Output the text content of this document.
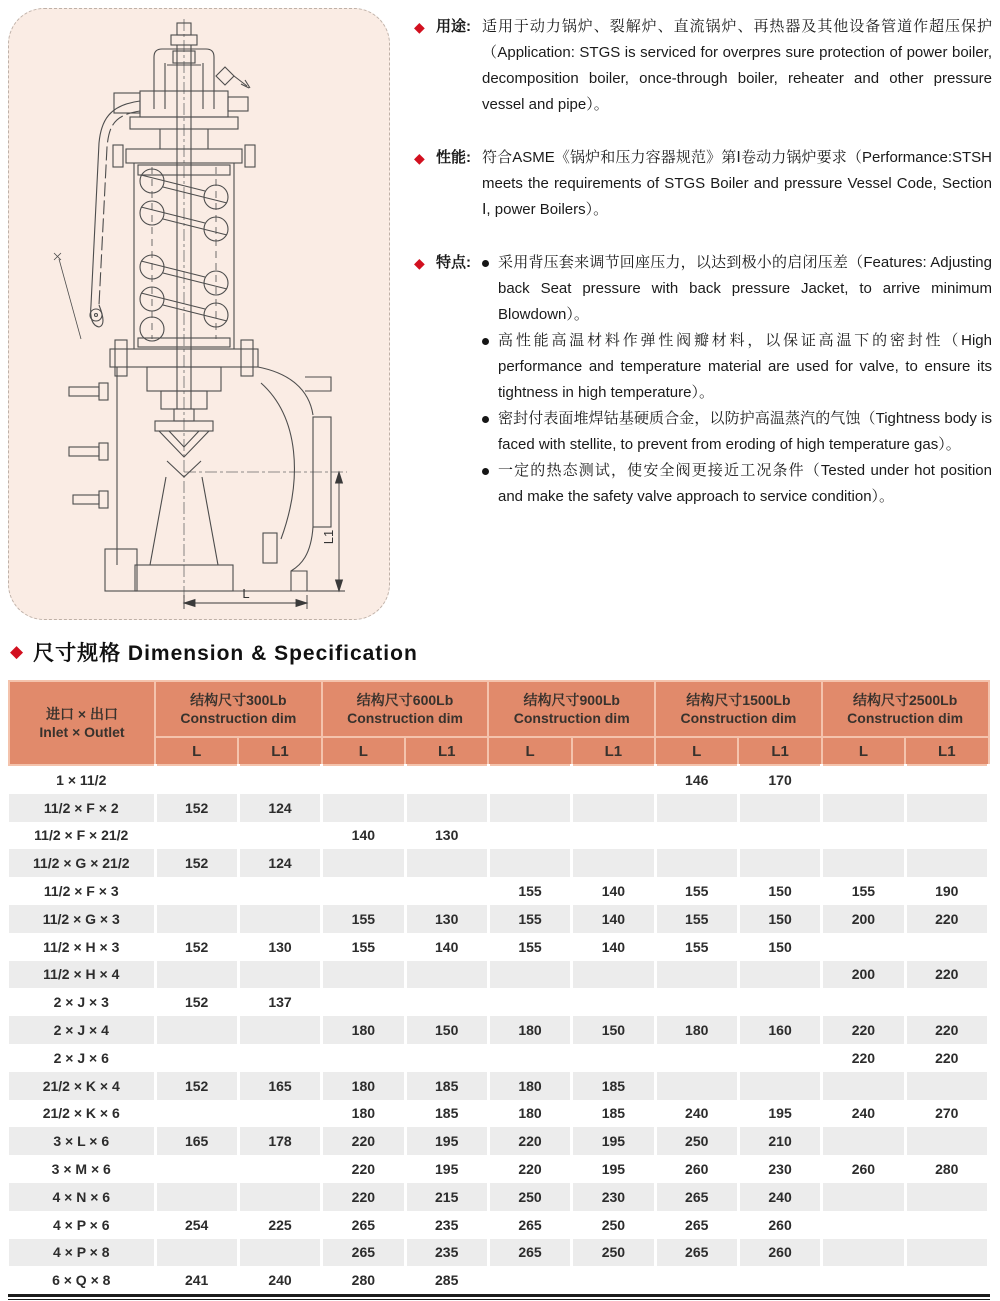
L
L1
◆ 用途: 适用于动力锅炉、裂解炉、直流锅炉、再热器及其他设备管道作超压保护（Application: STGS is serviced for overpres sure protection of power boiler, decomposition boiler, once-through boiler, reheater and other pressure vessel and pipe）。
◆ 性能: 符合ASME《锅炉和压力容器规范》第Ⅰ卷动力锅炉要求（Performance:STSH meets the requirements of STGS Boiler and pressure Vessel Code, Section Ⅰ, power Boilers）。
◆ 特点:	采用背压套来调节回座压力，以达到极小的启闭压差（Features: Adjusting back Seat pressure with back pressure Jacket, to arrive minimum Blowdown）。
高性能高温材料作弹性阀瓣材料，以保证高温下的密封性（High performance and temperature material are used for valve, to ensure its tightness in high temperature）。
密封付表面堆焊钴基硬质合金，以防护高温蒸汽的气蚀（Tightness body is faced with stellite, to prevent from eroding of high temperature gas）。
一定的热态测试，使安全阀更接近工况条件（Tested under hot position and make the safety valve approach to service condition）。
◆ 尺寸规格 Dimension & Specification
进口 × 出口
Inlet × Outlet

结构尺寸300Lb
Construction dim

结构尺寸600Lb
Construction dim

结构尺寸900Lb
Construction dim

结构尺寸1500Lb
Construction dim

结构尺寸2500Lb
Construction dim

	L	L1	L	L1	L	L1	L	L1	L	L1
1 × 11/2							146	170		
11/2 × F × 2	152	124								
11/2 × F × 21/2			140	130						
11/2 × G × 21/2	152	124								
11/2 × F × 3					155	140	155	150	155	190
11/2 × G × 3			155	130	155	140	155	150	200	220
11/2 × H × 3	152	130	155	140	155	140	155	150		
11/2 × H × 4									200	220
2 × J × 3	152	137								
2 × J × 4			180	150	180	150	180	160	220	220
2 × J × 6									220	220
21/2 × K × 4	152	165	180	185	180	185				
21/2 × K × 6			180	185	180	185	240	195	240	270
3 × L × 6	165	178	220	195	220	195	250	210		
3 × M × 6			220	195	220	195	260	230	260	280
4 × N × 6			220	215	250	230	265	240		
4 × P × 6	254	225	265	235	265	250	265	260		
4 × P × 8			265	235	265	250	265	260		
6 × Q × 8	241	240	280	285						
